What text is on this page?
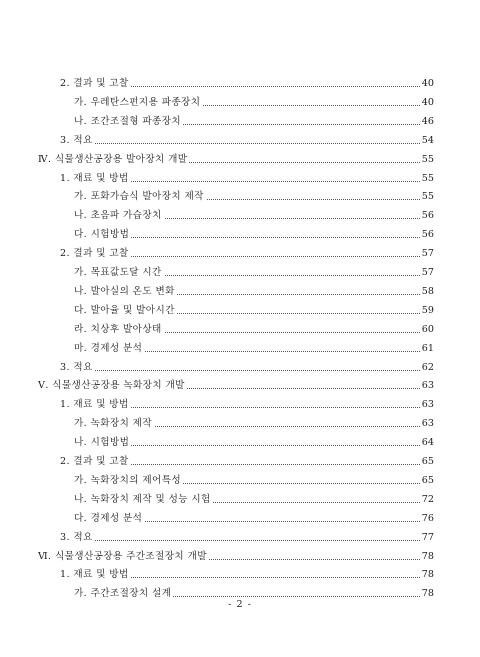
2. 결과 및 고찰	40
가. 우레탄스펀지용 파종장치	40
나. 조간조절형 파종장치	46
3. 적요	54
Ⅳ. 식물생산공장용 발아장치 개발	55
1. 재료 및 방법	55
가. 포화가습식 발아장치 제작	55
나. 초음파 가습장치	56
다. 시험방법	56
2. 결과 및 고찰	57
가. 목표값도달 시간	57
나. 발아실의 온도 변화	58
다. 발아율 및 발아시간	59
라. 치상후 발아상태	60
마. 경제성 분석	61
3. 적요	62
Ⅴ. 식물생산공장용 녹화장치 개발	63
1. 재료 및 방법	63
가. 녹화장치 제작	63
나. 시험방법	64
2. 결과 및 고찰	65
가. 녹화장치의 제어특성	65
나. 녹화장치 제작 및 성능 시험	72
다. 경제성 분석	76
3. 적요	77
Ⅵ. 식물생산공장용 주간조절장치 개발	78
1. 재료 및 방법	78
가. 주간조절장치 설계	78
- 2 -
